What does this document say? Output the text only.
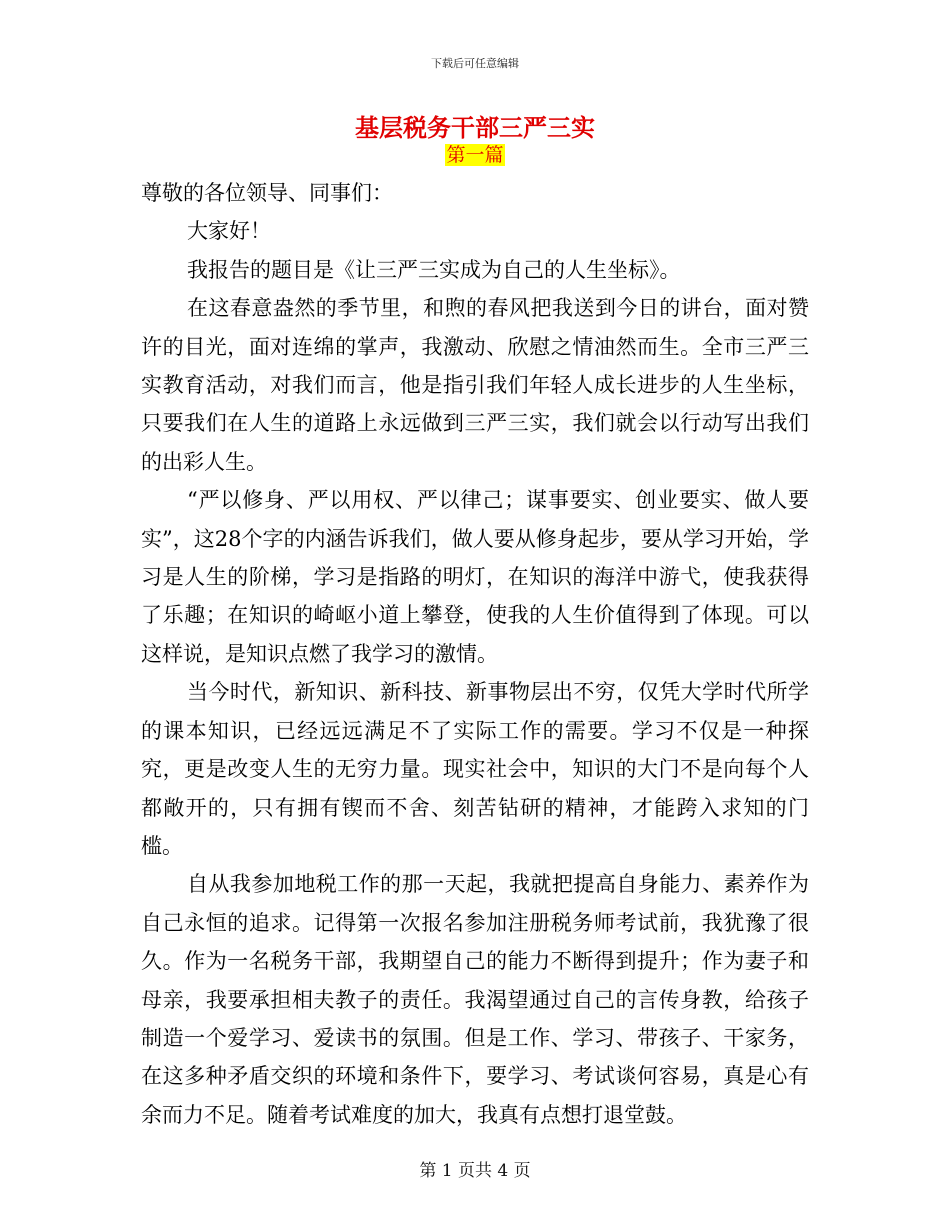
下载后可任意编辑
基层税务干部三严三实
第一篇

尊敬的各位领导、同事们：

大家好！

我报告的题目是《让三严三实成为自己的人生坐标》。

在这春意盎然的季节里，和煦的春风把我送到今日的讲台，面对赞许的目光，面对连绵的掌声，我激动、欣慰之情油然而生。全市三严三实教育活动，对我们而言，他是指引我们年轻人成长进步的人生坐标，只要我们在人生的道路上永远做到三严三实，我们就会以行动写出我们的出彩人生。

“严以修身、严以用权、严以律己；谋事要实、创业要实、做人要实”，这28个字的内涵告诉我们，做人要从修身起步，要从学习开始，学习是人生的阶梯，学习是指路的明灯，在知识的海洋中游弋，使我获得了乐趣；在知识的崎岖小道上攀登，使我的人生价值得到了体现。可以这样说，是知识点燃了我学习的激情。

当今时代，新知识、新科技、新事物层出不穷，仅凭大学时代所学的课本知识，已经远远满足不了实际工作的需要。学习不仅是一种探究，更是改变人生的无穷力量。现实社会中，知识的大门不是向每个人都敞开的，只有拥有锲而不舍、刻苦钻研的精神，才能跨入求知的门槛。

自从我参加地税工作的那一天起，我就把提高自身能力、素养作为自己永恒的追求。记得第一次报名参加注册税务师考试前，我犹豫了很久。作为一名税务干部，我期望自己的能力不断得到提升；作为妻子和母亲，我要承担相夫教子的责任。我渴望通过自己的言传身教，给孩子制造一个爱学习、爱读书的氛围。但是工作、学习、带孩子、干家务，在这多种矛盾交织的环境和条件下，要学习、考试谈何容易，真是心有余而力不足。随着考试难度的加大，我真有点想打退堂鼓。

第 1 页共 4 页
